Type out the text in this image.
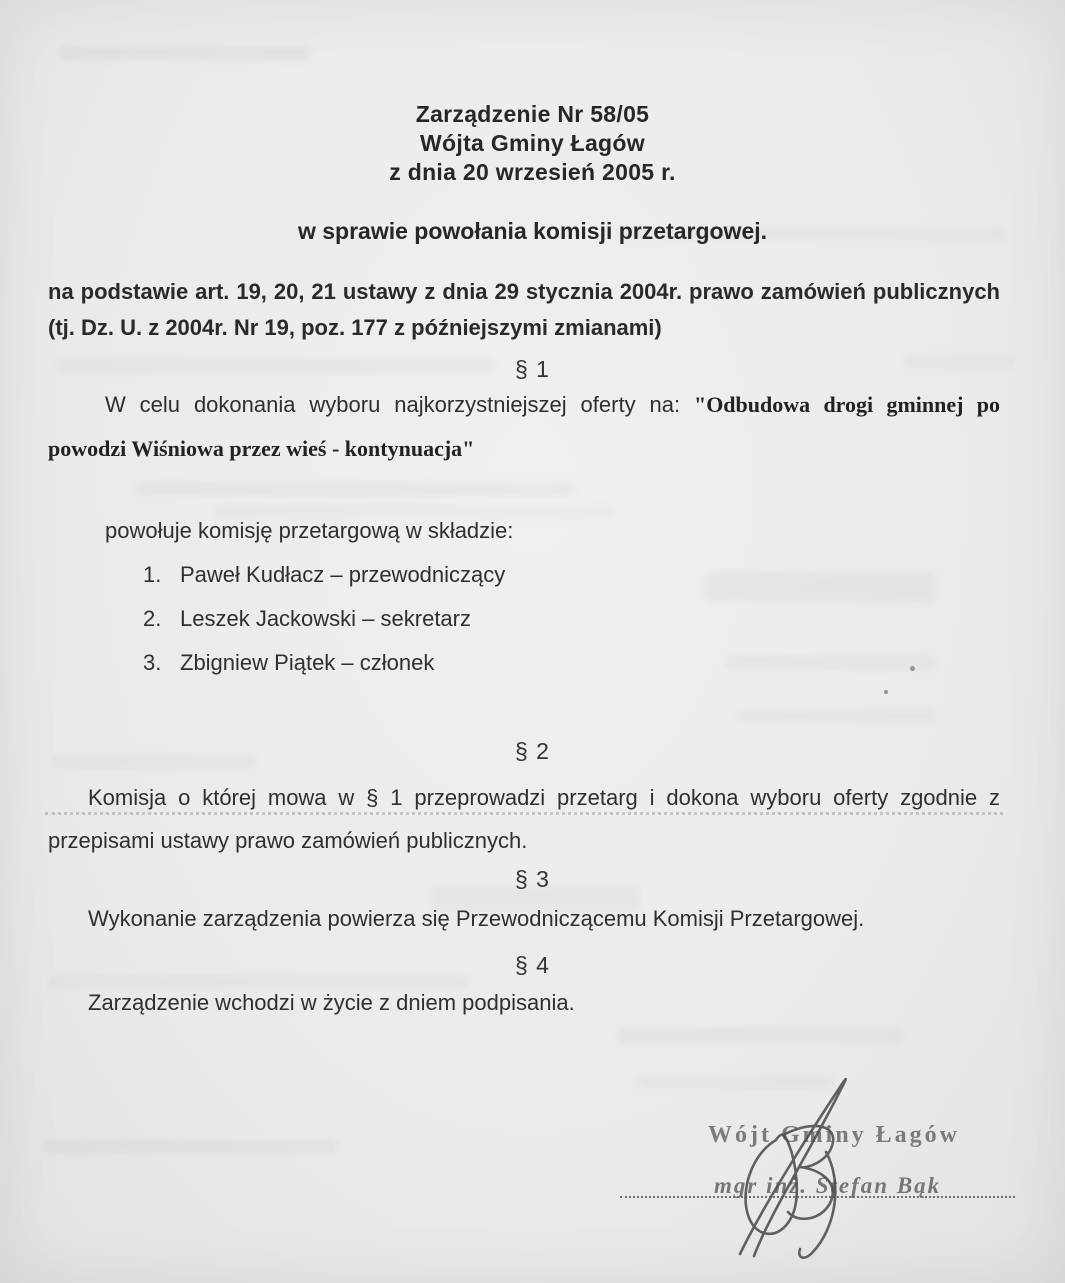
Zarządzenie Nr 58/05
Wójta Gminy Łagów
z dnia 20 wrzesień 2005 r.
w sprawie powołania komisji przetargowej.
na podstawie art. 19, 20, 21 ustawy z dnia 29 stycznia 2004r. prawo zamówień publicznych (tj. Dz. U. z 2004r. Nr 19, poz. 177 z późniejszymi zmianami)
§ 1

W celu dokonania wyboru najkorzystniejszej oferty na: "Odbudowa drogi gminnej po powodzi Wiśniowa przez wieś - kontynuacja"

powołuje komisję przetargową w składzie:
1. Paweł Kudłacz – przewodniczący
2. Leszek Jackowski – sekretarz
3. Zbigniew Piątek – członek
§ 2

Komisja o której mowa w § 1 przeprowadzi przetarg i dokona wyboru oferty zgodnie z przepisami ustawy prawo zamówień publicznych.

§ 3
Wykonanie zarządzenia powierza się Przewodniczącemu Komisji Przetargowej.
§ 4
Zarządzenie wchodzi w życie z dniem podpisania.
Wójt Gminy Łagów
mgr inż. Stefan Bąk
